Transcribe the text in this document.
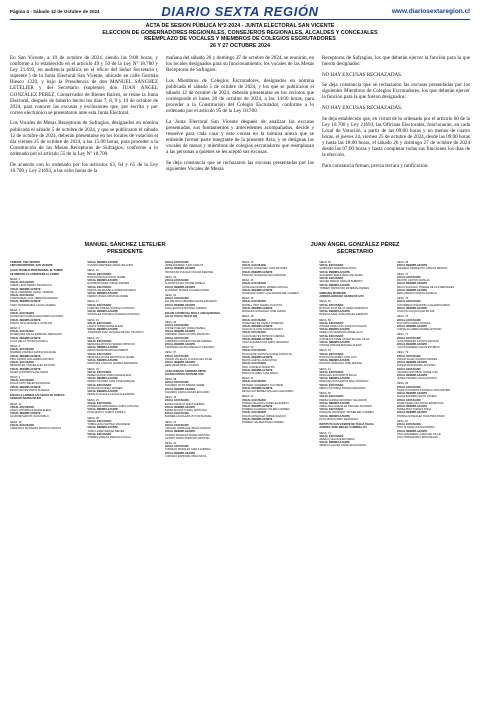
Página 4 - Sábado 12 de Octubre de 2024	DIARIO SEXTA REGIÓN	www.diariosextaregion.cl
ACTA DE SESION PÚBLICA Nº2-2024 - JUNTA ELECTORAL SAN VICENTE
ELECCION DE GOBERNADORES REGIONALES, CONSEJEROS REGIONALES, ALCALDES Y CONCEJALES
REEMPLAZO DE VOCALES Y MIEMBROS DE COLEGIOS ESCRUTADORES
26 Y 27 OCTUBRE 2024

En San Vicente, a 10 de octubre de 2024, siendo las 9:00 horas, y conforme a lo establecido en el artículo 49 y 50 de la Ley Nº 18.700 y Ley 21.693, en audiencia pública en el oficio del Señor Secretario ( suplente ) de la Junta Electoral San Vicente, ubicado en calle Germán Riesco 1320, y bajo la Presidencia de don MANUEL SÁNCHEZ LETELIER y del Secretario (suplente) don JUAN ÁNGEL GONZÁLEZ PÉREZ, Conservador de Bienes Raíces, se reúne la Junta Electoral, después de haberlo hecho los días 7, 8, 9 y 10 de octubre de 2024, para conocer las excusas y exclusiones que, por escrito y por correo electrónico se presentaron ante esta Junta Electoral.

Los Vocales de Mesas Receptoras de Sufragios, designados en nómina publicada el sábado 5 de octubre de 2024, y que se publicaron el sábado 12 de octubre de 2024, deberán presentarse en los locales de votación el día viernes 25 de octubre de 2024, a las 15:00 horas, para proceder a la Constitución de las Mesas Receptoras de Sufragios, conforme a lo ordenado por el artículo 55 de la Ley Nº 18.700.

De acuerdo con lo ordenado por los artículos 63, 64 y 65 de la Ley 18.700 y Ley 21693, a las ocho horas de la

mañana del sábado 26 y domingo 27 de octubre de 2024, se reunirán, en los locales designados para su funcionamiento, los vocales de las Mesas Receptoras de Sufragios.

Los Miembros de Colegios Escrutadores, designados en nómina publicada el sábado 5 de octubre de 2024, y los que se publicaron el sábado 12 de octubre de 2024, deberán presentarse en los recintos que corresponde el lunes 28 de octubre de 2024, a las 14:00 horas, para proceder a la Constitución del Colegio Escrutador, conforme a lo ordenado por el artículo 95 de la Ley 18.700.

La Junta Electoral San Vicente después de analizar las excusas presentadas, sus fundamentos y antecedentes acompañados, decide y resuelve para cada caso y esto consta en la nómina anexa que se entiende formar parte integrante de la presente Acta, y se designan los vocales de mesas y miembros de colegios escrutadores que reemplazan a las personas a quienes se les aceptó sus excusas.

Se deja constancia que se rechazaron las excusas presentadas por los siguientes Vocales de Mesas

Receptoras de Sufragios, los que deberán ejercer la función para la que fueron designados:

NO HAY EXCUSAS RECHAZADAS.

Se deja constancia que se rechazaron las excusas presentadas por los siguientes Miembros de Colegios Escrutadores, los que deberán ejercer la función para la que fueron designados:

NO HAY EXCUSAS RECHAZADAS.

Se deja establecido que, en virtud de lo ordenado por el artículo 60 de la Ley 18.700 y Ley 21693, las Oficinas Electorales, funcionarán, en cada Local de Votación, a partir de las 09:00 horas y no menos de cuatro horas, el jueves 24, viernes 25 de octubre de 2024, desde las 09:00 horas y hasta las 18:00 horas, el sábado 26 y domingo 27 de octubre de 2024 desde las 07:00 horas y hasta completar todas sus funciones los días de la elección.

Para constancia firman, previa lectura y ratificación:

MANUEL SÁNCHEZ LETELIER
PRESIDENTE
JUAN ÁNGEL GONZÁLEZ PÉREZ
SECRETARIO
COMUNA: SAN VICENTE
CIRCUNSCRIPCIÓN: SAN VICENTE
LICEO TÉCNICO PROFESIONAL EL TAMBO
KILÓMETRO 10 CARRETERA EL TAMBO
MESA: 2
VOCAL EXCUSADO
CABAS LEIVA PEDRO FRANCISCO
VOCAL REEMPLAZANTE
CELIS CARDENAS CAROL YESENIA
VOCAL EXCUSADO
CHAPPUZEAU COX TERESITA AMPARO
VOCAL REEMPLAZANTE
CARO HORMAZABAL LAURA JAVIERA
MESA: 4
VOCAL EXCUSADO
GONZALEZ FLORES ALEJANDRO ALFONSO
VOCAL REEMPLAZANTE
FARIAS SILVA MARCELA CATALINA
MESA: 6
VOCAL EXCUSADO
MANRIQUEZ SALAS EMANUEL HERNALDO
VOCAL REEMPLAZANTE
LUCO MELLA TATIANA MONICA
MESA: 8
VOCAL EXCUSADO
RAMIREZ ZAMORA KARINA SOLANGE
VOCAL REEMPLAZANTE
PINO ZAPATA GUILLERMO ANTONIO
VOCAL EXCUSADO
RETAMALES CHAVEZ ALEX ANTONIO
VOCAL REEMPLAZANTE
PAVEZ QUINTEROS ANA MARIA
MESA: 9
VOCAL EXCUSADO
ROJAS SOTO BELEN ESTEFANIA
VOCAL REEMPLAZANTE
REYES REYES MARTA EUGENIA
ESCUELA CARMEN GALLEGOS DE ROBLES
HORACIO ARANGUIZ 800
MESA: 12
VOCAL EXCUSADO
ARAYA CISTERNAS MARIA ELENA
VOCAL REEMPLAZANTE
AGUIRRE MARCHI JUAN PABLO
MESA: 14
VOCAL EXCUSADO
CARRASCA SAAVEDRA FRANCO IGNACIO
VOCAL REEMPLAZANTE
CASTRO MARTINEZ OMAR ORLANDO
MESA: 16
VOCAL EXCUSADO
DONOSO BUSON ROSA ISABEL
VOCAL REEMPLAZANTE
ESCOBAR PAVEZ JORGE ANDRES
VOCAL EXCUSADO
FARIAS VALENZUELA JAVIER EDUARDO
VOCAL REEMPLAZANTE
FIERRO CHAZA CRISTIAN ANDRE
MESA: 17
VOCAL EXCUSADO
FUENTES RIVERA GONZALO ANTONIO
VOCAL REEMPLAZANTE
GONZALEZ FONSECA CHARLES RODRIGO
MESA: 19
VOCAL EXCUSADO
LAGOS NUÑEZ MARIA ELENA
VOCAL REEMPLAZANTE
JORQUERA DIAZ JACQUELINE DEL TRANSITO
MESA: 20
VOCAL EXCUSADO
MENDOZA MOYANO SERGIO PATRICIO
VOCAL REEMPLAZANTE
MARIN MARIN MARTA ELIZABETH
VOCAL EXCUSADO
MENDOZA ROJAS FRANCISCO JAVIER
VOCAL REEMPLAZANTE
MARTINEZ CHACON JAVIERA FERNANDA
MESA: 23
VOCAL EXCUSADO
PEREZ MUÑOZ MARIA MAGDALENA
VOCAL REEMPLAZANTE
PEREZ CHANDIA JUAN JOSE ENRIQUE
VOCAL EXCUSADO
PEÑALOZA RAFAEL ANDRES
VOCAL REEMPLAZANTE
PERALTA OLAVE CLAUDIA ALEJANDRA
MESA: 25
VOCAL EXCUSADO
PRADENAS ARRIAGADA LAURA CATALINA
VOCAL REEMPLAZANTE
PUGA MATUS YANETT FABIOLA
MESA: 28
VOCAL EXCUSADO
TURRA LEIVA NAYHELI MACARENA
VOCAL REEMPLAZANTE
TORO LOPEZ MARINA NIEVES
VOCAL EXCUSADO
TORRES VARGAS MARCELA PAOLA
VOCAL EXCUSADO
URIBE RAMIREZ JUAN CARLOS
VOCAL REEMPLAZANTE
TRONCOSO PULGAR VIVIANA DENISSE
MESA: 30
VOCAL EXCUSADO
ALFARO ROJAS IVONNE PAMELA
VOCAL REEMPLAZANTE
ALVARADO MUÑOZ CLAUDIA ESTER
MESA: 32
VOCAL EXCUSADO
VILLABLANCA MIRANDA FELIPE EDUARDO
VOCAL REEMPLAZANTE
VIDAL BASTIAS MICHAEL ANDRES
ESCUELA ESPECIAL PAULA JARAQUEMADA
CALLE TAGUA TAGUA S/N
MESA: 34
VOCAL EXCUSADO
COFRE PUELLES YASNA PAMELA
VOCAL REEMPLAZANTE
CARREÑO HIDALGO IVAN MAURICIO
VOCAL EXCUSADO
CORDERO CORNEJO FELIPE ANDRES
VOCAL REEMPLAZANTE
CARRANZA ACUÑA MARCELO ORLANDO
MESA: 37
VOCAL EXCUSADO
MUÑOZ VILLEGAS CLAUDIA DEL PILAR
VOCAL REEMPLAZANTE
MEZA PEÑA ARIEL LUCIANO
LICEO IGNACIO CARRERA PINTO
JUAN BAUTISTA PASTENE 1000
MESA: 38
VOCAL EXCUSADO
ACEVEDO SOTO XIMENA ISABEL
VOCAL REEMPLAZANTE
ACEVEDO CARCA CESAR EDUARDO
MESA: 39
VOCAL EXCUSADO
BARRA VALDIVIA SOFIA ANDREA
VOCAL REEMPLAZANTE
BARRA MUÑOZ TOMAS SANTIAGO
VOCAL EXCUSADO
BARRERA AGUILERA VICTOR MANUEL
MESA: 41
VOCAL EXCUSADO
CATALAN GONZALEZ JESUS IGNACIO
VOCAL REEMPLAZANTE
CASTRO MORALES MARIA CRISTINA
CASTRO ROMO RODRIGO CRISTIAN
MESA: 42
VOCAL EXCUSADO
CORNEJO MORALES CARLA ANDREA
VOCAL REEMPLAZANTE
CORNEJO ESPINOZA TANIA NICOL
MESA: 43
VOCAL EXCUSADO
DONOSO GONZALEZ JUAN ANTONIO
VOCAL REEMPLAZANTE
DONOSO GONZALEZ ELIA DENISSE
MESA: 45
VOCAL EXCUSADO
GONZALEZ RAMOS JAVIERA NATALIA
VOCAL REEMPLAZANTE
GONZALEZ GODOY ALEJANDRA DEL CARMEN
MESA: 46
VOCAL EXCUSADO
MORELL PINO DANIEL AUGUSTO
VOCAL REEMPLAZANTE
MORALES GONZALEZ JOSE FABIAN
MESA: 48
VOCAL EXCUSADO
NUÑEZ REYES CAMILA JOSEFINA
VOCAL REEMPLAZANTE
OLGUIN OLGUIN AMANDA NANCY
VOCAL EXCUSADO
OLGUIN REYES PATRICIO ANDRES
VOCAL REEMPLAZANTE
OSAZ ACEVEDO ROLANDO SEGUNDO
MESA: 50
VOCAL EXCUSADO
PICHUANTE SANTOS DIANNE STRINCYE
VOCAL REEMPLAZANTE
PEZOA GAETE LAURA ROSA
VOCAL EXCUSADO
PINO CORNEJO MARIA PIA
VOCAL REEMPLAZANTE
PINELA FLORES JUAN PABLO
MESA: 51
VOCAL EXCUSADO
RETAMAL GUERRERO LUZ IRENE
VOCAL REEMPLAZANTE
REYES GUTIERREZ AQUILES ALEJANDRO
MESA: 52
VOCAL EXCUSADO
ROMAN VALLEJOS KAREN ELIZABETH
VOCAL REEMPLAZANTE
ROMERO ALVARADO VALERIA ANDREA
VOCAL EXCUSADO
ROJAS GONZALEZ JORGE IGNACIO
VOCAL REEMPLAZANTE
ROMERO VALDEZ PAOLA ANDREA
MESA: 53
VOCAL EXCUSADO
SANHUEZA ZAMORANO ROSA
VOCAL REEMPLAZANTE
SAAVEDRA SEPULVEDA ANA MARIA
VOCAL EXCUSADO
SEGUEL BRAVO CARLOS ALBERTO
VOCAL REEMPLAZANTE
TORRES TRONCOSO ESTEBAN ANDRES
GIMNASIO MUNICIPAL
AVENIDA HORACIO ARANGUIZ 1273
MESA: 56
VOCAL EXCUSADO
BUSTOS SILVA DE LA CERDA DEBORAH
VOCAL REEMPLAZANTE
BURGOA SAEZ JOSE MIGUEL ERNESTO
MESA: 58
VOCAL EXCUSADO
CHAVEZ ORELLANA JOAQUIN IGNACIO
VOCAL REEMPLAZANTE
CEBALLOS PERSSON DANIEL ELOY
VOCAL EXCUSADO
CORNEJOS TABIE VALENTINA DEL PILAR
VOCAL REEMPLAZANTE
CHAVEZ PARADA MICHAEL ALEXIS
MESA: 59
VOCAL EXCUSADO
DONOSO RAMIREZ JUAN LUIS
VOCAL REEMPLAZANTE
DONOSO MORALES JOSE MANUEL
MESA: 61
VOCAL EXCUSADO
MORALES SAN MARTIN PAULA
VOCAL REEMPLAZANTE
MORALES SAN MARTIN RAUL RODRIGO
VOCAL EXCUSADO
MERLO ASTORGA JORGE FERNANDO
MESA: 66
VOCAL EXCUSADO
PARRA GUZMAN RODRIGO SALVADOR
VOCAL REEMPLAZANTE
ORELLANA GONZALEZ INES DEL ROSARIO
VOCAL EXCUSADO
POBLETE CROSSETT TAFNEE DEL CARMEN
VOCAL REEMPLAZANTE
PUGA MATUS MIRO FERNANDO
INSTITUTO SAN VICENTE DE TAGUA TAGUA
AVENIDA JOSE MIGUEL CARRERA 170
MESA: 71
VOCAL EXCUSADO
ABARCA VELASQUEZ MARIA
VOCAL REEMPLAZANTE
ABARCA GALVEZ CAROLINA EUGENIA
MESA: 58
VOCAL REEMPLAZANTE
ACEVEDO SARMIENTO CARLOS RENATO
MESA: 72
VOCAL EXCUSADO
ABURTO CASTRO NATALIA
VOCAL REEMPLAZANTE
ARAYA SALGADO THAMAR DE LAS MERCEDES
VOCAL REEMPLAZANTE
ARRA ARRATIA MARCO AURELIO
MESA: 75
VOCAL EXCUSADO
CONTRERAS HUENUMILLA ELADIM RAMON
VOCAL REEMPLAZANTE
CHACON CALQUIN MAYRA PAZ
MESA: 76
VOCAL EXCUSADO
DIAZ ORTIZ MARIA IGNACIA
VOCAL REEMPLAZANTE
CORVALAN UBEDA RUBEN ANTONIO
MESA: 77
VOCAL EXCUSADO
LEIVA PAREDES ACOSTA ANTONIO
VOCAL REEMPLAZANTE
LAGOS RAMIREZ ALEXIS ESTEBAN
MESA: 79
VOCAL EXCUSADO
MUÑOZ SUAZO ALVARO ANDRES
VOCAL REEMPLAZANTE
MUÑOZ SILVA DANIEL ANTONIO
VOCAL EXCUSADO
NAVARRO ESCOBAR JORGE LUIS
VOCAL REEMPLAZANTE
NUÑEZ PIZARRO JUAN ANTONIO
MESA: 80
VOCAL EXCUSADO
PAVEZ CONTRERAS RONALD CRISTOPHER
VOCAL REEMPLAZANTE
PALMA BARRERA EDITH JOSEFA
VOCAL EXCUSADO
PAVEZ PEÑALOZA MATEO ERNESTINA
VOCAL REEMPLAZANTE
PEREZ PINO TAMARA SOFIA
VOCAL REEMPLAZANTE
PINTEÑA GONZALEZ JONATHAN DAVID
MESA: 87
VOCAL EXCUSADO
PINO OLIVERA JUAN ESTEBAN
VOCAL REEMPLAZANTE
PINO GUERRERA LAURA DEL PILAR
PINO HORMAZABAL EDNA BELEN
